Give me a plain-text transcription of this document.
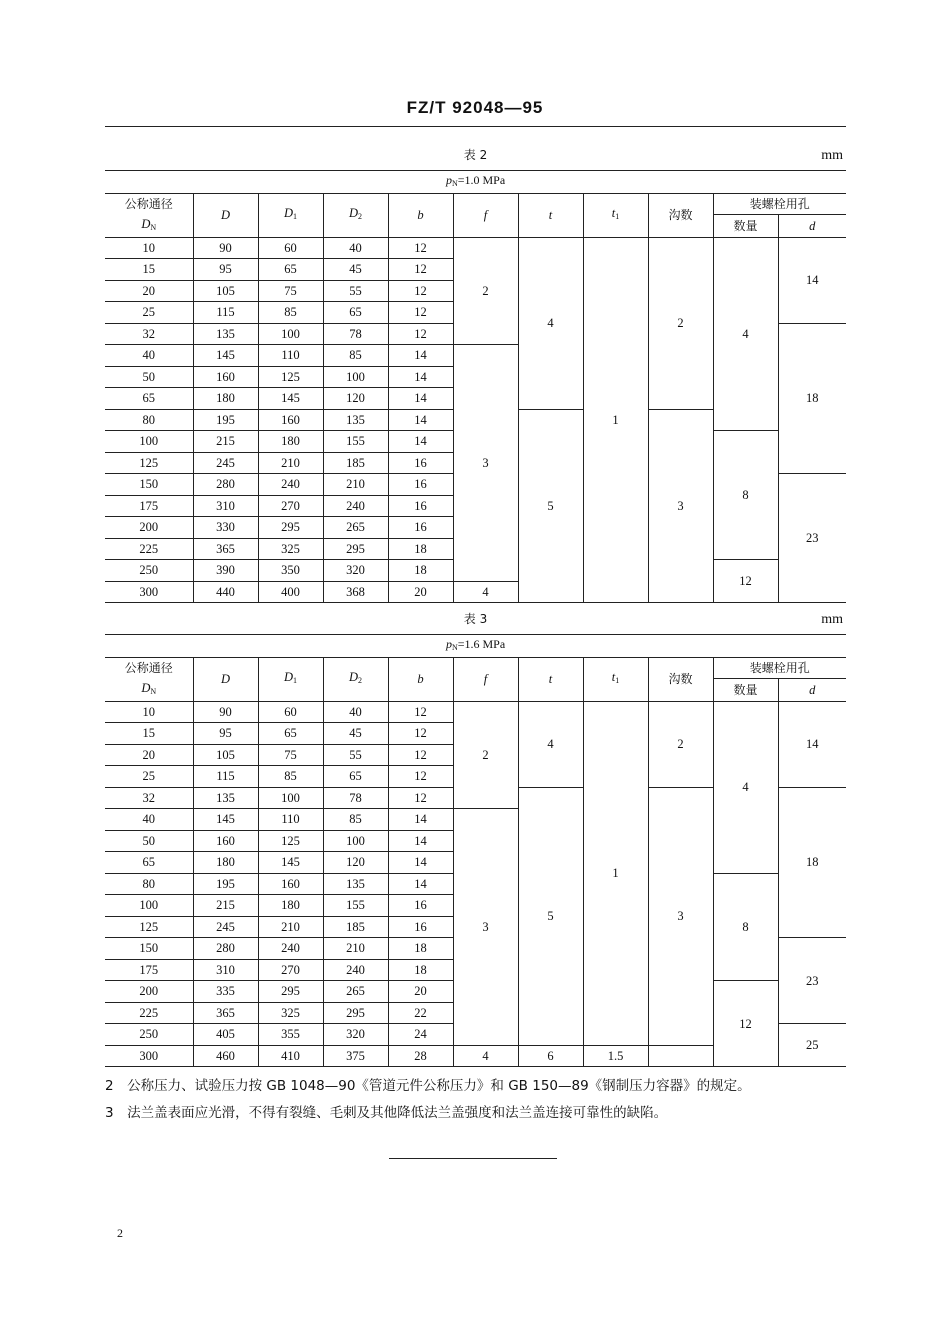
FZ/T 92048—95
表 2	mm
$p_N=1.0$ MPa										
公称通径	D	$D_1$	$D_2$	b	f	t	$t_1$	沟数	装螺栓用孔	
$D_N$									数量	d
10	90	60	40	12	2	4	1	2	4	14
15	95	65	45	12						
20	105	75	55	12						
25	115	85	65	12						
32	135	100	78	12						18
40	145	110	85	14	3					
50	160	125	100	14						
65	180	145	120	14						
80	195	160	135	14		5		3		
100	215	180	155	14					8	
125	245	210	185	16						
150	280	240	210	16						23
175	310	270	240	16						
200	330	295	265	16						
225	365	325	295	18						
250	390	350	320	18					12	
300	440	400	368	20	4					
表 3	mm
$p_N=1.6$ MPa										
公称通径	D	$D_1$	$D_2$	b	f	t	$t_1$	沟数	装螺栓用孔	
$D_N$									数量	d
10	90	60	40	12	2	4	1	2	4	14
15	95	65	45	12						
20	105	75	55	12						
25	115	85	65	12						
32	135	100	78	12		5		3		18
40	145	110	85	14	3					
50	160	125	100	14						
65	180	145	120	14						
80	195	160	135	14					8	
100	215	180	155	16						
125	245	210	185	16						
150	280	240	210	18						23
175	310	270	240	18						
200	335	295	265	20					12	
225	365	325	295	22						
250	405	355	320	24						25
300	460	410	375	28	4	6	1.5			
2　公称压力、试验压力按 GB 1048—90《管道元件公称压力》和 GB 150—89《钢制压力容器》的规定。
3　法兰盖表面应光滑，不得有裂缝、毛刺及其他降低法兰盖强度和法兰盖连接可靠性的缺陷。
2
